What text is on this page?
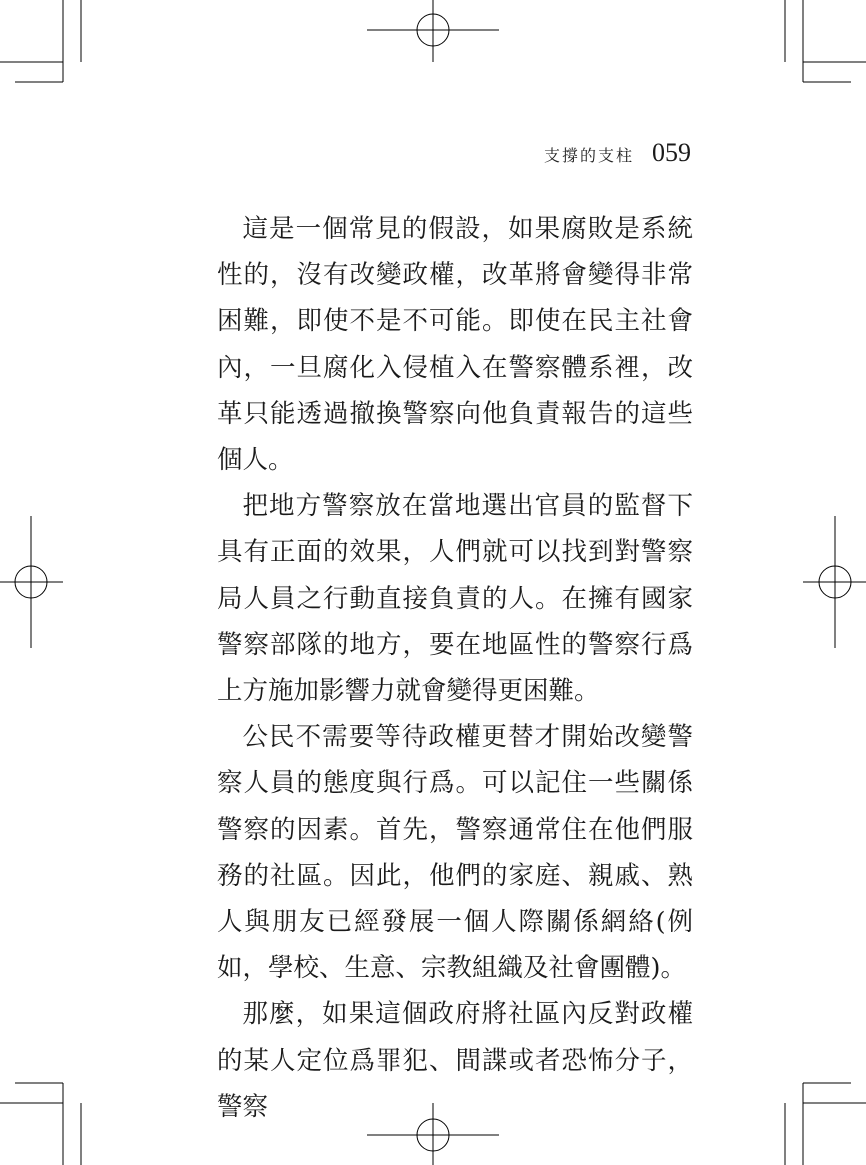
支撐的支柱 059

這是一個常見的假設，如果腐敗是系統性的，沒有改變政權，改革將會變得非常困難，即使不是不可能。即使在民主社會內，一旦腐化入侵植入在警察體系裡，改革只能透過撤換警察向他負責報告的這些個人。

把地方警察放在當地選出官員的監督下具有正面的效果，人們就可以找到對警察局人員之行動直接負責的人。在擁有國家警察部隊的地方，要在地區性的警察行爲上方施加影響力就會變得更困難。

公民不需要等待政權更替才開始改變警察人員的態度與行爲。可以記住一些關係警察的因素。首先，警察通常住在他們服務的社區。因此，他們的家庭、親戚、熟人與朋友已經發展一個人際關係網絡(例如，學校、生意、宗教組織及社會團體)。

那麼，如果這個政府將社區內反對政權的某人定位爲罪犯、間諜或者恐怖分子，警察
